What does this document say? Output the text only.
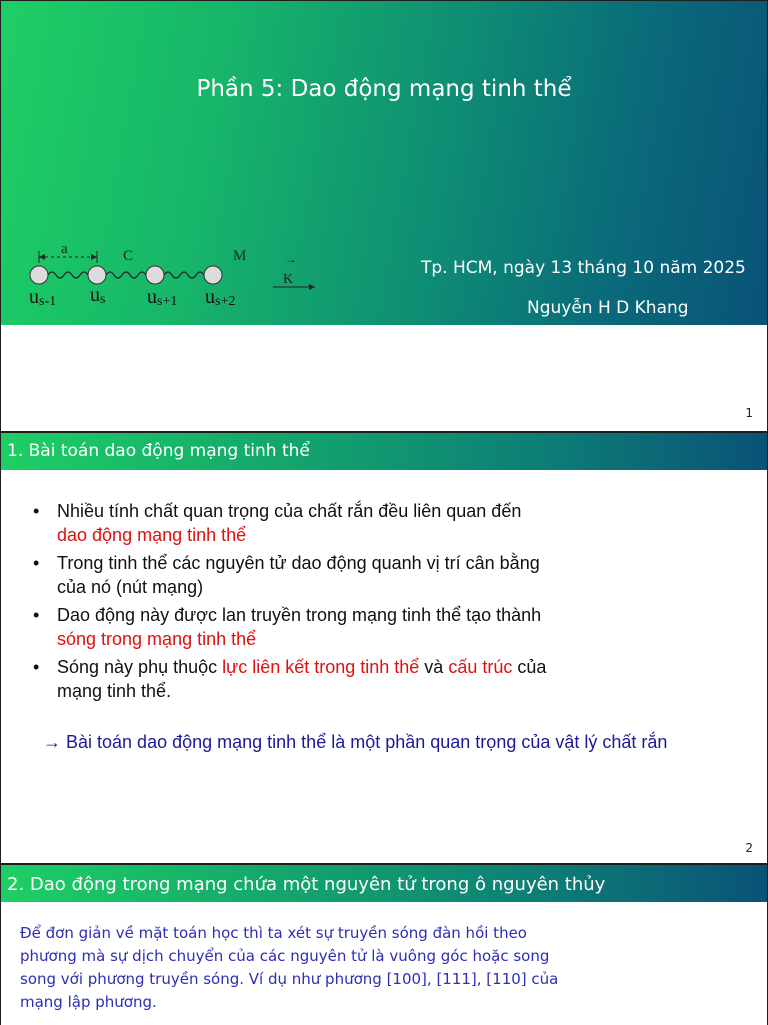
Phần 5: Dao động mạng tinh thể
a	C	M	→
K
us-1 us us+1 us+2
Tp. HCM, ngày 13 tháng 10 năm 2025
Nguyễn H D Khang
1
1. Bài toán dao động mạng tinh thể
• Nhiều tính chất quan trọng của chất rắn đều liên quan đến dao động mạng tinh thể
• Trong tinh thể các nguyên tử dao động quanh vị trí cân bằng của nó (nút mạng)
• Dao động này được lan truyền trong mạng tinh thể tạo thành sóng trong mạng tinh thể
• Sóng này phụ thuộc lực liên kết trong tinh thể và cấu trúc của mạng tinh thể.
→ Bài toán dao động mạng tinh thể là một phần quan trọng của vật lý chất rắn
2
2. Dao động trong mạng chứa một nguyên tử trong ô nguyên thủy
Để đơn giản về mặt toán học thì ta xét sự truyền sóng đàn hồi theo phương mà sự dịch chuyển của các nguyên tử là vuông góc hoặc song song với phương truyền sóng. Ví dụ như phương [100], [111], [110] của mạng lập phương.
